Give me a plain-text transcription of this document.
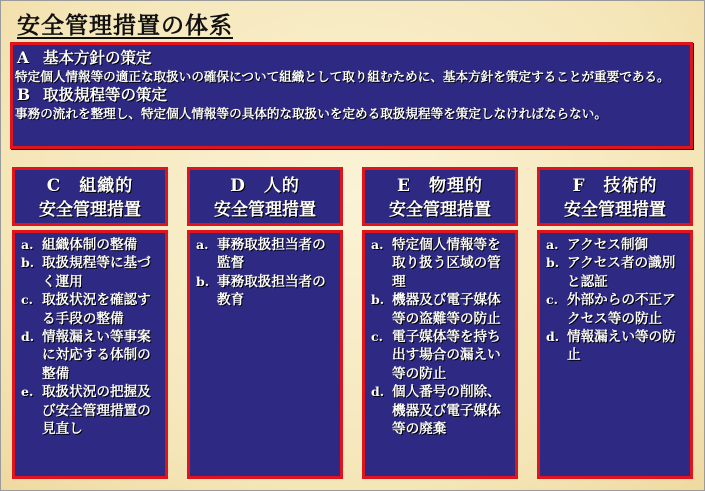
安全管理措置の体系
A 基本方針の策定
特定個人情報等の適正な取扱いの確保について組織として取り組むために、基本方針を策定することが重要である。
B 取扱規程等の策定
事務の流れを整理し、特定個人情報等の具体的な取扱いを定める取扱規程等を策定しなければならない。
C　組織的
安全管理措置
a. 組織体制の整備
b. 取扱規程等に基づく運用
c. 取扱状況を確認する手段の整備
d. 情報漏えい等事案に対応する体制の整備
e. 取扱状況の把握及び安全管理措置の見直し
D　人的
安全管理措置
a. 事務取扱担当者の監督
b. 事務取扱担当者の教育
E　物理的
安全管理措置
a. 特定個人情報等を取り扱う区域の管理
b. 機器及び電子媒体等の盗難等の防止
c. 電子媒体等を持ち出す場合の漏えい等の防止
d. 個人番号の削除、機器及び電子媒体等の廃棄
F　技術的
安全管理措置
a. アクセス制御
b. アクセス者の識別と認証
c. 外部からの不正アクセス等の防止
d. 情報漏えい等の防止
